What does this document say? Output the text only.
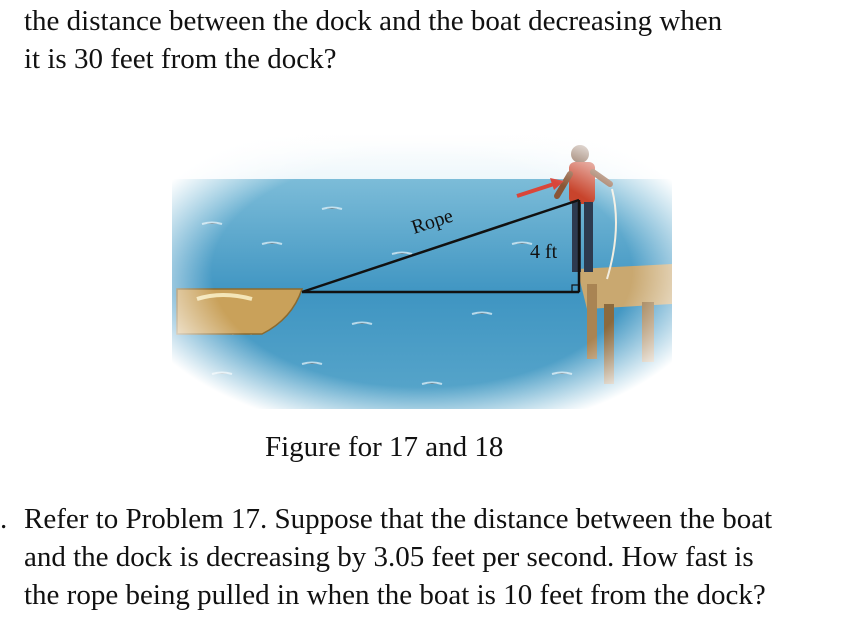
the distance between the dock and the boat decreasing when
it is 30 feet from the dock?
Figure for 17 and 18
. Refer to Problem 17. Suppose that the distance between the boat
and the dock is decreasing by 3.05 feet per second. How fast is
the rope being pulled in when the boat is 10 feet from the dock?
